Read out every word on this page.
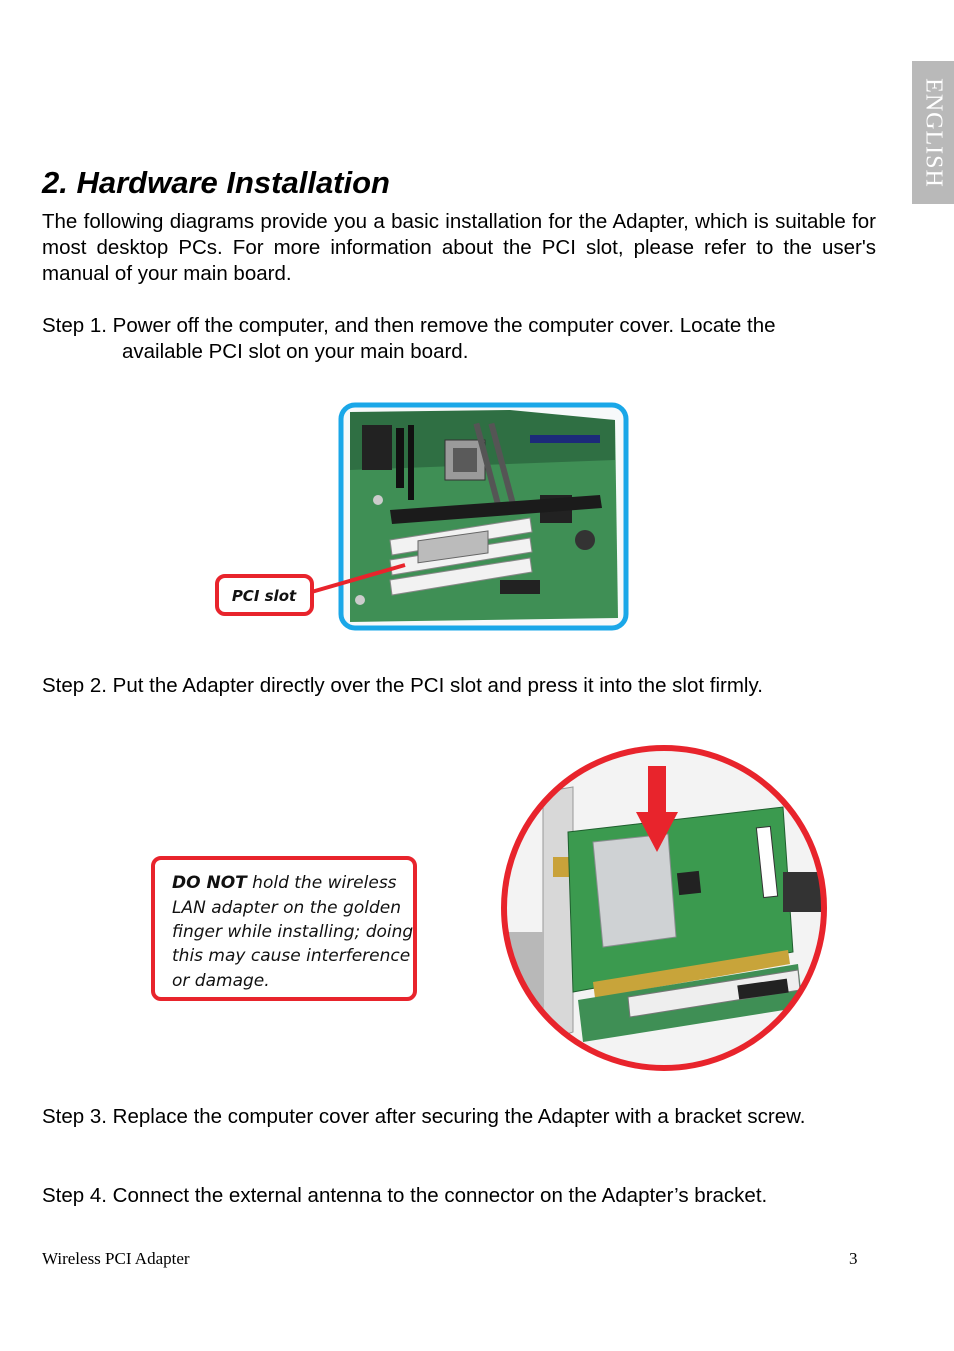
ENGLISH
2. Hardware Installation

The following diagrams provide you a basic installation for the Adapter, which is suitable for most desktop PCs. For more information about the PCI slot, please refer to the user's manual of your main board.

Step 1. Power off the computer, and then remove the computer cover. Locate the
available PCI slot on your main board.

PCI slot

Step 2. Put the Adapter directly over the PCI slot and press it into the slot firmly.

DO NOT hold the wireless
LAN adapter on the golden
finger while installing; doing
this may cause interference
or damage.

Step 3. Replace the computer cover after securing the Adapter with a bracket screw.

Step 4. Connect the external antenna to the connector on the Adapter’s bracket.

Wireless PCI Adapter	3
